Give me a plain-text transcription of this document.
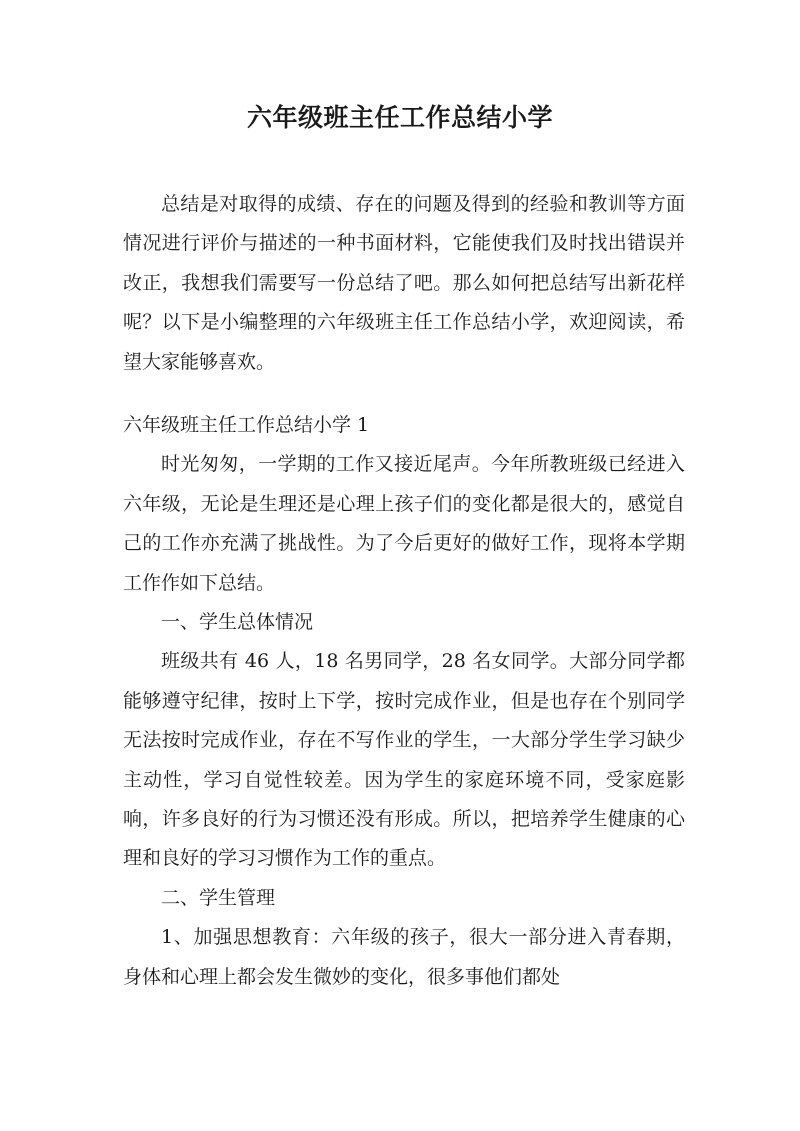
六年级班主任工作总结小学

总结是对取得的成绩、存在的问题及得到的经验和教训等方面情况进行评价与描述的一种书面材料，它能使我们及时找出错误并改正，我想我们需要写一份总结了吧。那么如何把总结写出新花样呢？以下是小编整理的六年级班主任工作总结小学，欢迎阅读，希望大家能够喜欢。

六年级班主任工作总结小学 1
时光匆匆，一学期的工作又接近尾声。今年所教班级已经进入六年级，无论是生理还是心理上孩子们的变化都是很大的，感觉自己的工作亦充满了挑战性。为了今后更好的做好工作，现将本学期工作作如下总结。
一、学生总体情况
班级共有 46 人，18 名男同学，28 名女同学。大部分同学都能够遵守纪律，按时上下学，按时完成作业，但是也存在个别同学无法按时完成作业，存在不写作业的学生，一大部分学生学习缺少主动性，学习自觉性较差。因为学生的家庭环境不同，受家庭影响，许多良好的行为习惯还没有形成。所以，把培养学生健康的心理和良好的学习习惯作为工作的重点。
二、学生管理
1、加强思想教育：六年级的孩子，很大一部分进入青春期，身体和心理上都会发生微妙的变化，很多事他们都处
